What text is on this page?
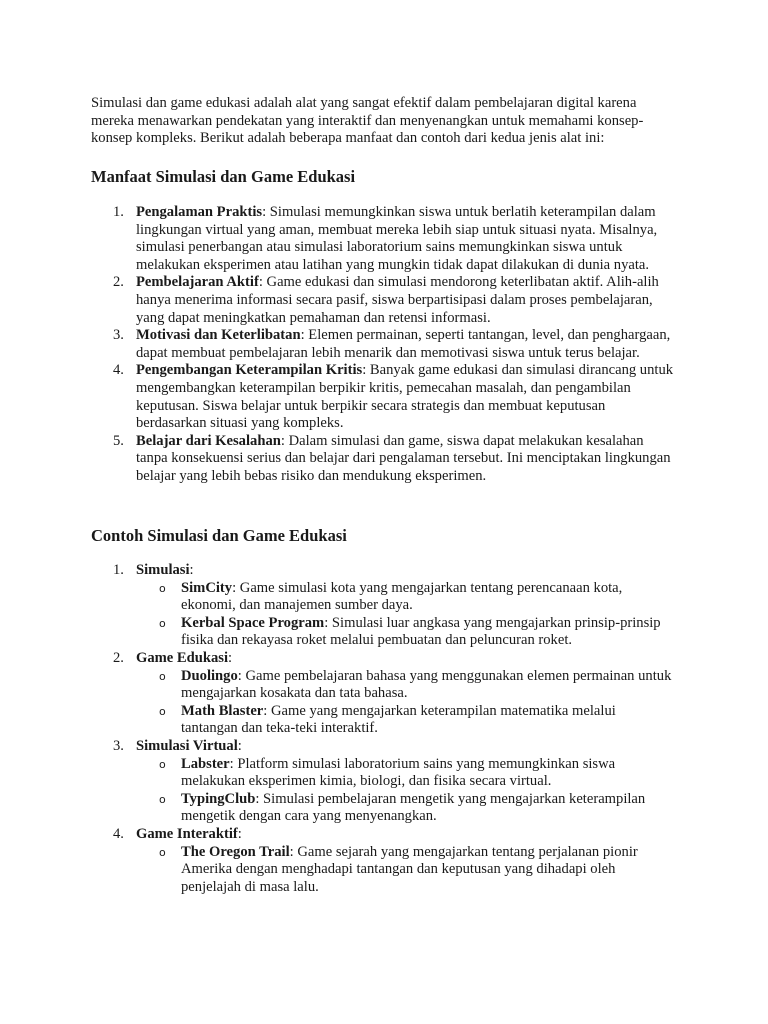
Simulasi dan game edukasi adalah alat yang sangat efektif dalam pembelajaran digital karena mereka menawarkan pendekatan yang interaktif dan menyenangkan untuk memahami konsep-konsep kompleks. Berikut adalah beberapa manfaat dan contoh dari kedua jenis alat ini:

Manfaat Simulasi dan Game Edukasi
1. Pengalaman Praktis: Simulasi memungkinkan siswa untuk berlatih keterampilan dalam lingkungan virtual yang aman, membuat mereka lebih siap untuk situasi nyata. Misalnya, simulasi penerbangan atau simulasi laboratorium sains memungkinkan siswa untuk melakukan eksperimen atau latihan yang mungkin tidak dapat dilakukan di dunia nyata.
2. Pembelajaran Aktif: Game edukasi dan simulasi mendorong keterlibatan aktif. Alih-alih hanya menerima informasi secara pasif, siswa berpartisipasi dalam proses pembelajaran, yang dapat meningkatkan pemahaman dan retensi informasi.
3. Motivasi dan Keterlibatan: Elemen permainan, seperti tantangan, level, dan penghargaan, dapat membuat pembelajaran lebih menarik dan memotivasi siswa untuk terus belajar.
4. Pengembangan Keterampilan Kritis: Banyak game edukasi dan simulasi dirancang untuk mengembangkan keterampilan berpikir kritis, pemecahan masalah, dan pengambilan keputusan. Siswa belajar untuk berpikir secara strategis dan membuat keputusan berdasarkan situasi yang kompleks.
5. Belajar dari Kesalahan: Dalam simulasi dan game, siswa dapat melakukan kesalahan tanpa konsekuensi serius dan belajar dari pengalaman tersebut. Ini menciptakan lingkungan belajar yang lebih bebas risiko dan mendukung eksperimen.
Contoh Simulasi dan Game Edukasi
1. Simulasi:
o SimCity: Game simulasi kota yang mengajarkan tentang perencanaan kota, ekonomi, dan manajemen sumber daya.
o Kerbal Space Program: Simulasi luar angkasa yang mengajarkan prinsip-prinsip fisika dan rekayasa roket melalui pembuatan dan peluncuran roket.
2. Game Edukasi:
o Duolingo: Game pembelajaran bahasa yang menggunakan elemen permainan untuk mengajarkan kosakata dan tata bahasa.
o Math Blaster: Game yang mengajarkan keterampilan matematika melalui tantangan dan teka-teki interaktif.
3. Simulasi Virtual:
o Labster: Platform simulasi laboratorium sains yang memungkinkan siswa melakukan eksperimen kimia, biologi, dan fisika secara virtual.
o TypingClub: Simulasi pembelajaran mengetik yang mengajarkan keterampilan mengetik dengan cara yang menyenangkan.
4. Game Interaktif:
o The Oregon Trail: Game sejarah yang mengajarkan tentang perjalanan pionir Amerika dengan menghadapi tantangan dan keputusan yang dihadapi oleh penjelajah di masa lalu.
